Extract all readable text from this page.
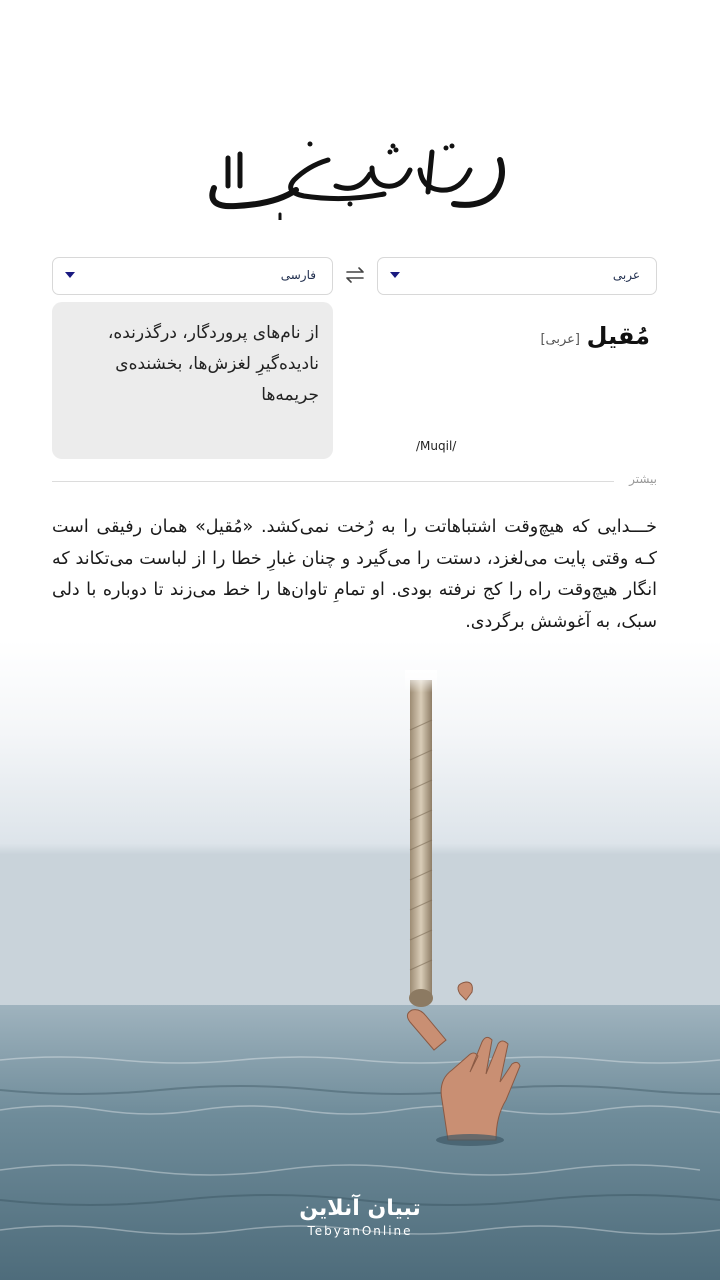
عربی
فارسی
از نام‌های پروردگار، درگذرنده، نادیده‌گیرِ لغزش‌ها، بخشنده‌ی جریمه‌ها
مُقیل
[عربی]
/Muqil/
بیشتر
خـــدایی که هیچ‌وقت اشتباهاتت را به رُخت نمی‌کشد. «مُقیل» همان رفیقی است کـه وقتی پایت می‌لغزد، دستت را می‌گیرد و چنان غبارِ خطا را از لباست می‌تکاند که انگار هیچ‌وقت راه را کج نرفته بودی. او تمامِ تاوان‌ها را خط می‌زند تا دوباره با دلی سبک، به آغوشش برگردی.
تبیان آنلاین
TebyanOnline
